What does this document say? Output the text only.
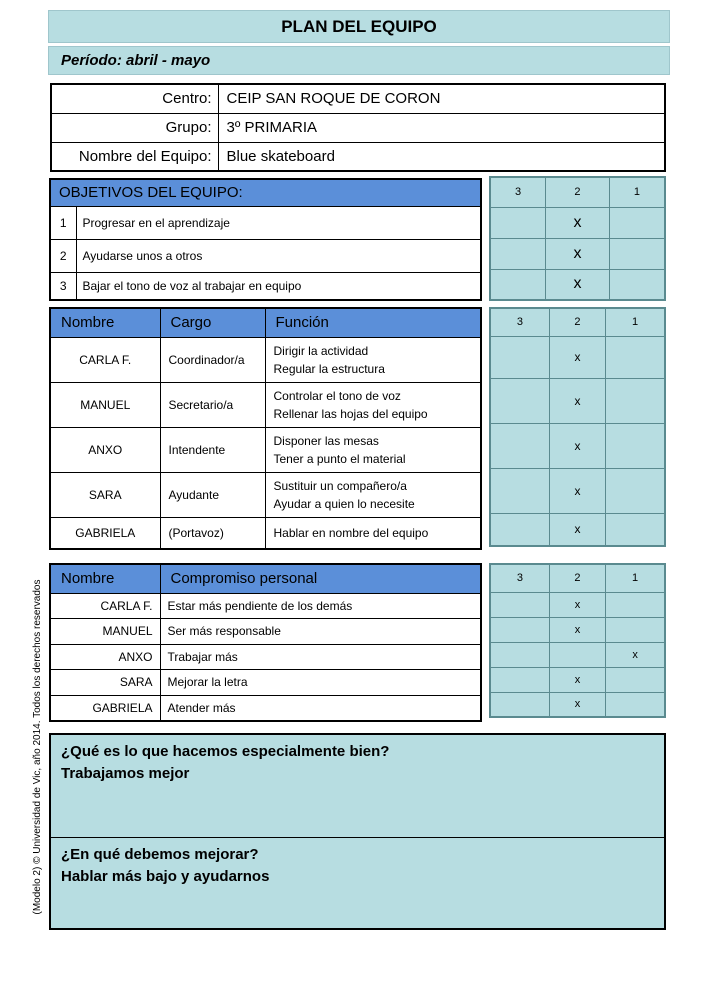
PLAN DEL EQUIPO
Período: abril - mayo
Centro:	CEIP SAN ROQUE DE CORON
Grupo:	3º PRIMARIA
Nombre del Equipo:	Blue skateboard
OBJETIVOS DEL EQUIPO:	
1	Progresar en el aprendizaje
2	Ayudarse unos a otros
3	Bajar el tono de voz al trabajar en equipo
3	2	1
	x	
	x	
	x	
Nombre	Cargo	Función
CARLA F.	Coordinador/a	Dirigir la actividad
Regular la estructura

MANUEL	Secretario/a	Controlar el tono de voz
Rellenar las hojas del equipo

ANXO	Intendente	Disponer las mesas
Tener a punto el material

SARA	Ayudante	Sustituir un compañero/a
Ayudar a quien lo necesite

GABRIELA	(Portavoz)	Hablar en nombre del equipo
3	2	1
	x	
	x	
	x	
	x	
	x	
Nombre	Compromiso personal
CARLA F.	Estar más pendiente de los demás
MANUEL	Ser más responsable
ANXO	Trabajar más
SARA	Mejorar la letra
GABRIELA	Atender más
3	2	1
	x	
	x	
		x
	x	
	x	
¿Qué es lo que hacemos especialmente bien?
Trabajamos mejor
¿En qué debemos mejorar?
Hablar más bajo y ayudarnos
(Modelo 2) © Universidad de Vic, año 2014. Todos los derechos reservados
